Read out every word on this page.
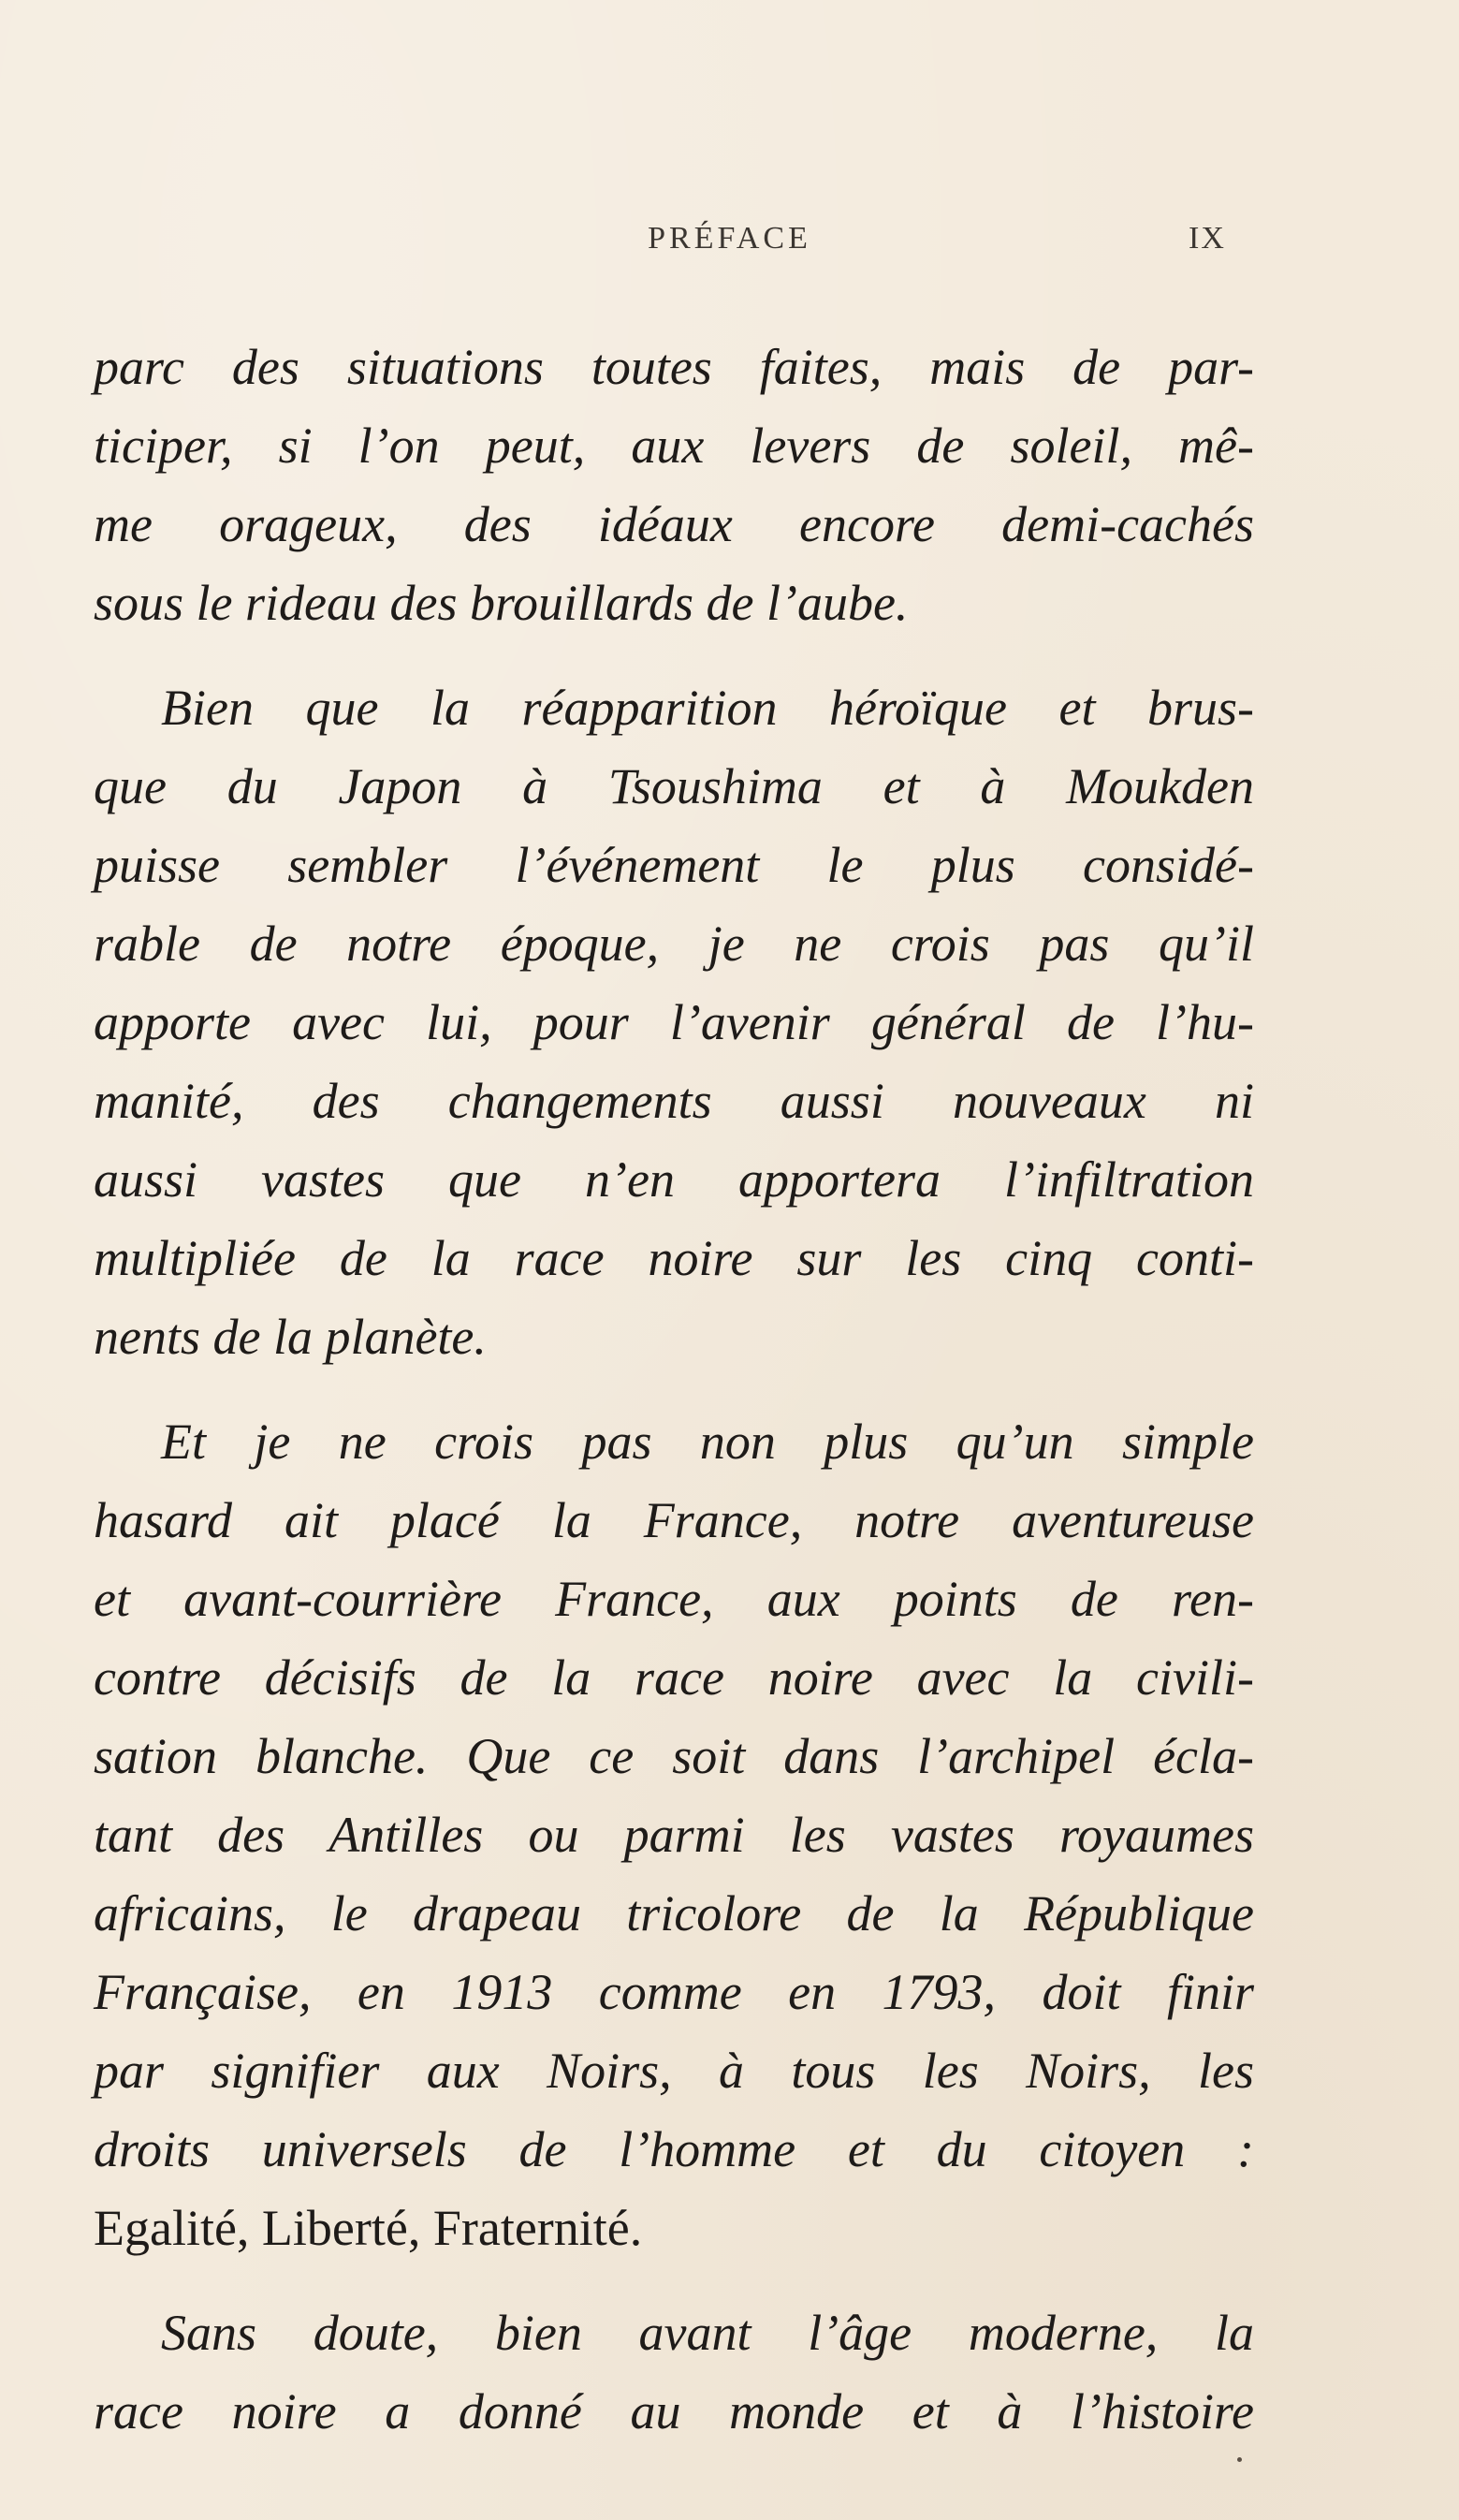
PRÉFACE	IX
parc des situations toutes faites, mais de par-
ticiper, si l’on peut, aux levers de soleil, mê-
me orageux, des idéaux encore demi-cachés
sous le rideau des brouillards de l’aube.
Bien que la réapparition héroïque et brus-
que du Japon à Tsoushima et à Moukden
puisse sembler l’événement le plus considé-
rable de notre époque, je ne crois pas qu’il
apporte avec lui, pour l’avenir général de l’hu-
manité, des changements aussi nouveaux ni
aussi vastes que n’en apportera l’infiltration
multipliée de la race noire sur les cinq conti-
nents de la planète.
Et je ne crois pas non plus qu’un simple
hasard ait placé la France, notre aventureuse
et avant-courrière France, aux points de ren-
contre décisifs de la race noire avec la civili-
sation blanche. Que ce soit dans l’archipel écla-
tant des Antilles ou parmi les vastes royaumes
africains, le drapeau tricolore de la République
Française, en 1913 comme en 1793, doit finir
par signifier aux Noirs, à tous les Noirs, les
droits universels de l’homme et du citoyen :
Egalité, Liberté, Fraternité.
Sans doute, bien avant l’âge moderne, la
race noire a donné au monde et à l’histoire
